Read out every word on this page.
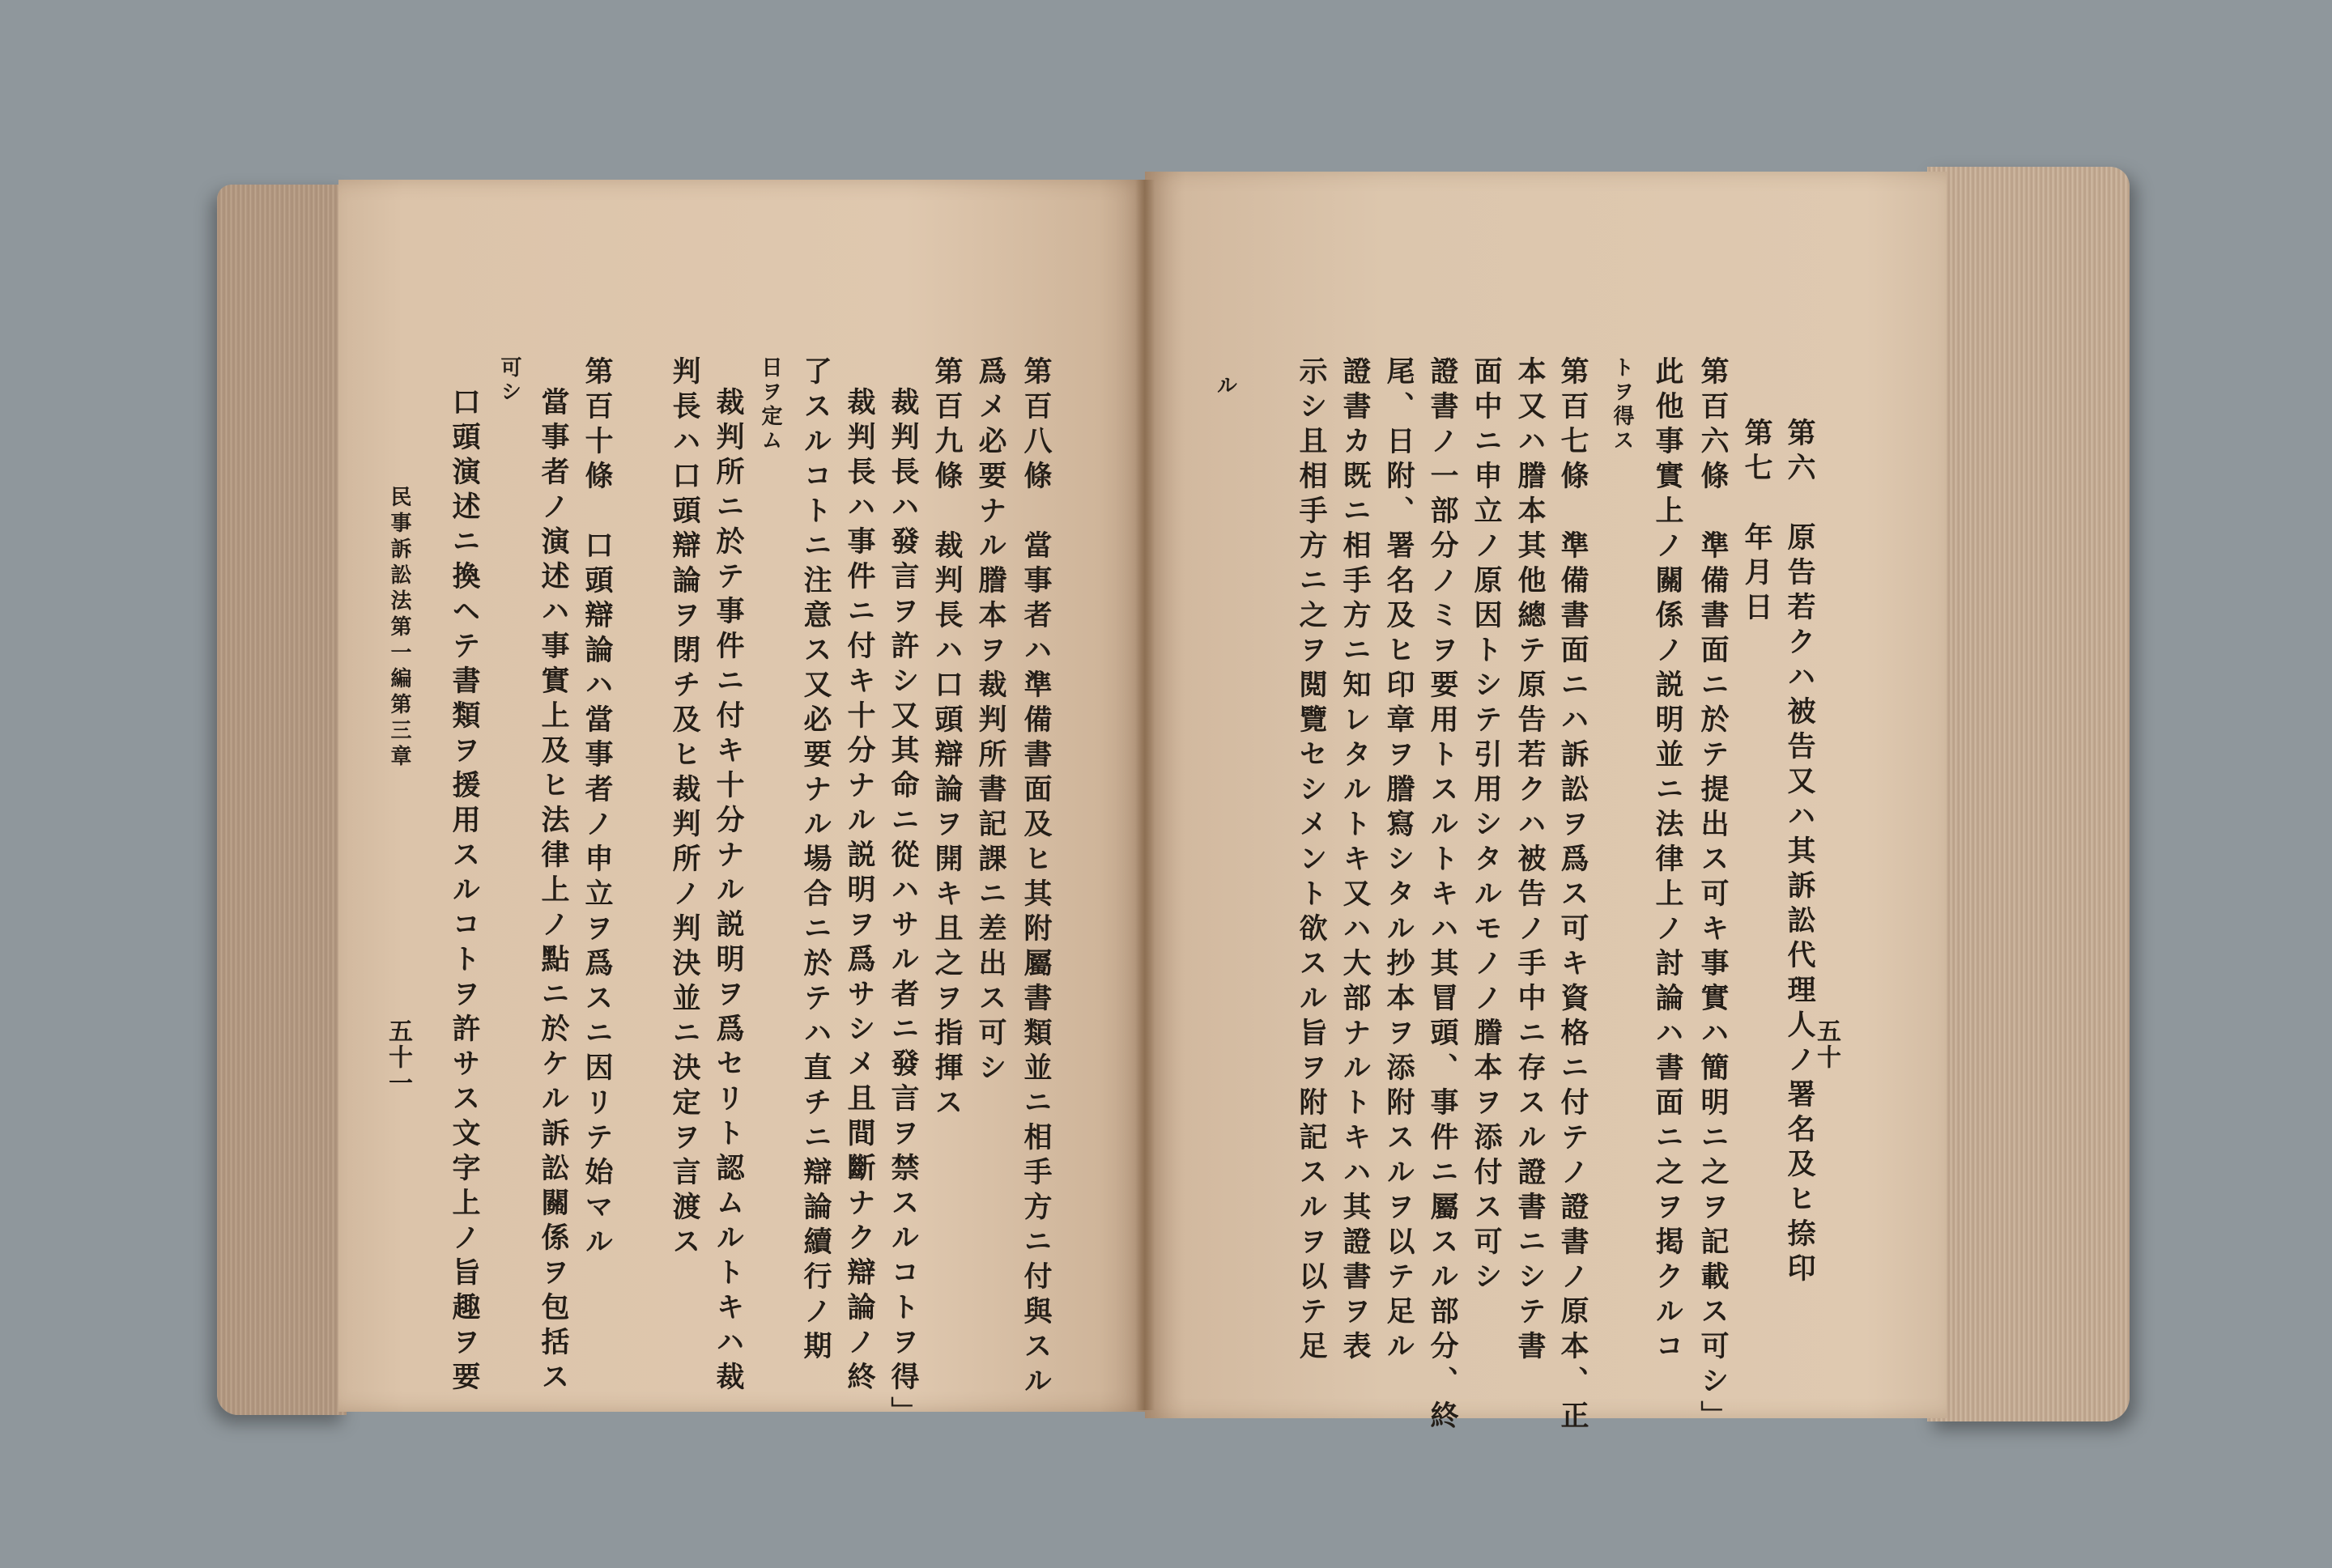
五十
第六　原告若クハ被告又ハ其訴訟代理人ノ署名及ヒ捺印
第七　年月日
第百六條　準備書面ニ於テ提出ス可キ事實ハ簡明ニ之ヲ記載ス可シ」
此他事實上ノ關係ノ説明並ニ法律上ノ討論ハ書面ニ之ヲ掲クルコ
トヲ得ス
第百七條　準備書面ニハ訴訟ヲ爲ス可キ資格ニ付テノ證書ノ原本、正
本又ハ謄本其他總テ原告若クハ被告ノ手中ニ存スル證書ニシテ書
面中ニ申立ノ原因トシテ引用シタルモノノ謄本ヲ添付ス可シ
證書ノ一部分ノミヲ要用トスルトキハ其冒頭、事件ニ屬スル部分、終
尾、日附、署名及ヒ印章ヲ謄寫シタル抄本ヲ添附スルヲ以テ足ル
證書カ既ニ相手方ニ知レタルトキ又ハ大部ナルトキハ其證書ヲ表
示シ且相手方ニ之ヲ閲覽セシメント欲スル旨ヲ附記スルヲ以テ足
ル
第百八條　當事者ハ準備書面及ヒ其附屬書類並ニ相手方ニ付與スル
爲メ必要ナル謄本ヲ裁判所書記課ニ差出ス可シ
第百九條　裁判長ハ口頭辯論ヲ開キ且之ヲ指揮ス
裁判長ハ發言ヲ許シ又其命ニ從ハサル者ニ發言ヲ禁スルコトヲ得」
裁判長ハ事件ニ付キ十分ナル説明ヲ爲サシメ且間斷ナク辯論ノ終
了スルコトニ注意ス又必要ナル場合ニ於テハ直チニ辯論續行ノ期
日ヲ定ム
裁判所ニ於テ事件ニ付キ十分ナル説明ヲ爲セリト認ムルトキハ裁
判長ハ口頭辯論ヲ閉チ及ヒ裁判所ノ判決並ニ決定ヲ言渡ス
第百十條　口頭辯論ハ當事者ノ申立ヲ爲スニ因リテ始マル
當事者ノ演述ハ事實上及ヒ法律上ノ點ニ於ケル訴訟關係ヲ包括ス
可シ
口頭演述ニ換ヘテ書類ヲ援用スルコトヲ許サス文字上ノ旨趣ヲ要
民事訴訟法第一編第三章
五十一
